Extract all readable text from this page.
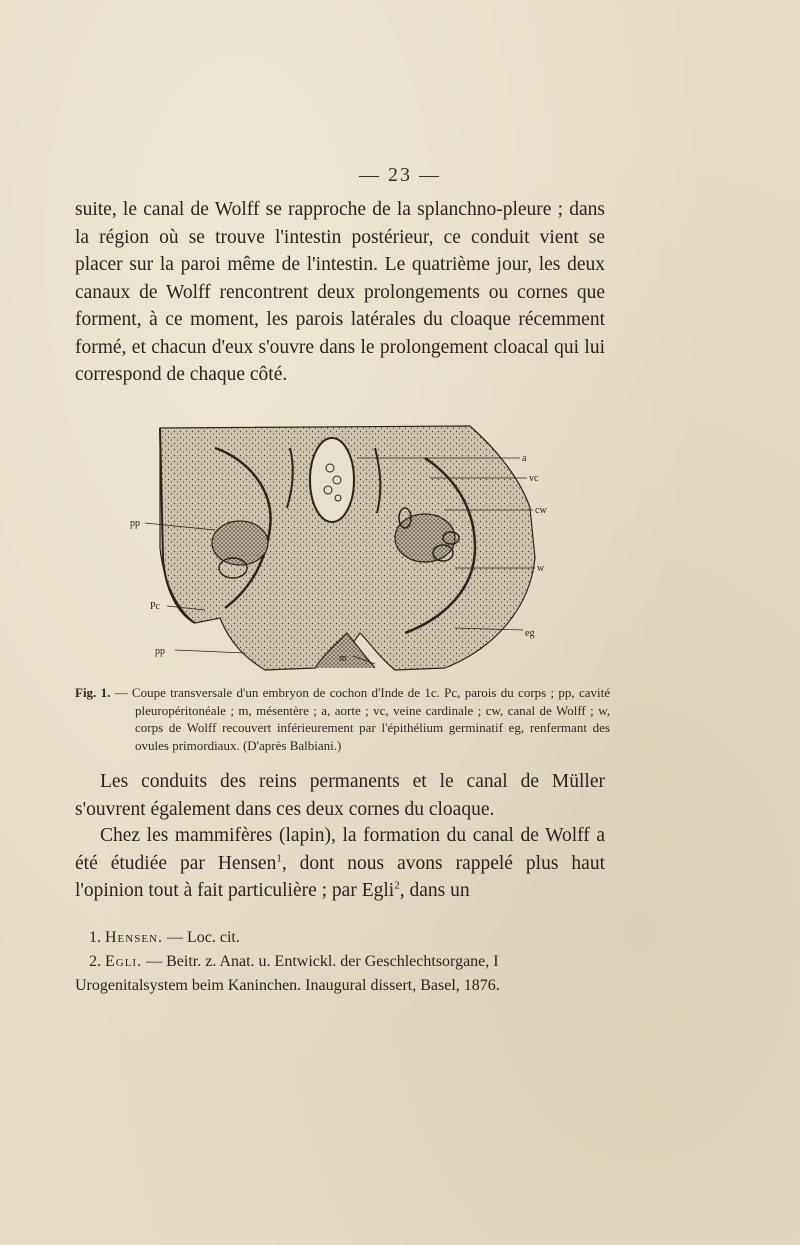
— 23 —

suite, le canal de Wolff se rapproche de la splanchno-pleure ; dans la région où se trouve l'intestin postérieur, ce conduit vient se placer sur la paroi même de l'intestin. Le quatrième jour, les deux canaux de Wolff rencontrent deux prolongements ou cornes que forment, à ce moment, les parois latérales du cloaque récemment formé, et chacun d'eux s'ouvre dans le prolongement cloacal qui lui correspond de chaque côté.

a
vc
cw
w
eg
m
pp
Pc
pp
Fig. 1. — Coupe transversale d'un embryon de cochon d'Inde de 1c. Pc, parois du corps ; pp, cavité pleuropéritonéale ; m, mésentère ; a, aorte ; vc, veine cardinale ; cw, canal de Wolff ; w, corps de Wolff recouvert inférieurement par l'épithélium germinatif eg, renfermant des ovules primordiaux. (D'après Balbiani.)

Les conduits des reins permanents et le canal de Müller s'ouvrent également dans ces deux cornes du cloaque.

Chez les mammifères (lapin), la formation du canal de Wolff a été étudiée par Hensen$^1$, dont nous avons rappelé plus haut l'opinion tout à fait particulière ; par Egli$^2$, dans un

1. Hensen. — Loc. cit.

2. Egli. — Beitr. z. Anat. u. Entwickl. der Geschlechtsorgane, I Urogenitalsystem beim Kaninchen. Inaugural dissert, Basel, 1876.
